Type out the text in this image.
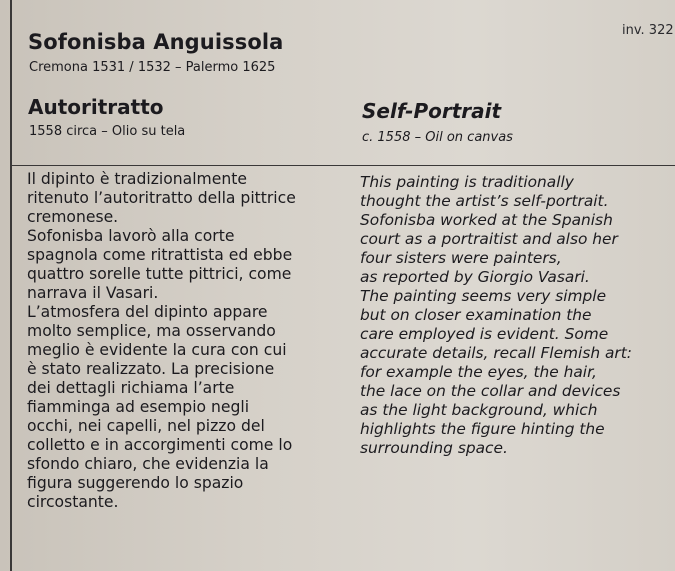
inv. 322
Sofonisba Anguissola
Cremona 1531 / 1532 – Palermo 1625
Autoritratto
1558 circa – Olio su tela
Self-Portrait
c. 1558 – Oil on canvas
Il dipinto è tradizionalmente
ritenuto l’autoritratto della pittrice
cremonese.
Sofonisba lavorò alla corte
spagnola come ritrattista ed ebbe
quattro sorelle tutte pittrici, come
narrava il Vasari.
L’atmosfera del dipinto appare
molto semplice, ma osservando
meglio è evidente la cura con cui
è stato realizzato. La precisione
dei dettagli richiama l’arte
fiamminga ad esempio negli
occhi, nei capelli, nel pizzo del
colletto e in accorgimenti come lo
sfondo chiaro, che evidenzia la
figura suggerendo lo spazio
circostante.
This painting is traditionally
thought the artist’s self-portrait.
Sofonisba worked at the Spanish
court as a portraitist and also her
four sisters were painters,
as reported by Giorgio Vasari.
The painting seems very simple
but on closer examination the
care employed is evident. Some
accurate details, recall Flemish art:
for example the eyes, the hair,
the lace on the collar and devices
as the light background, which
highlights the figure hinting the
surrounding space.
